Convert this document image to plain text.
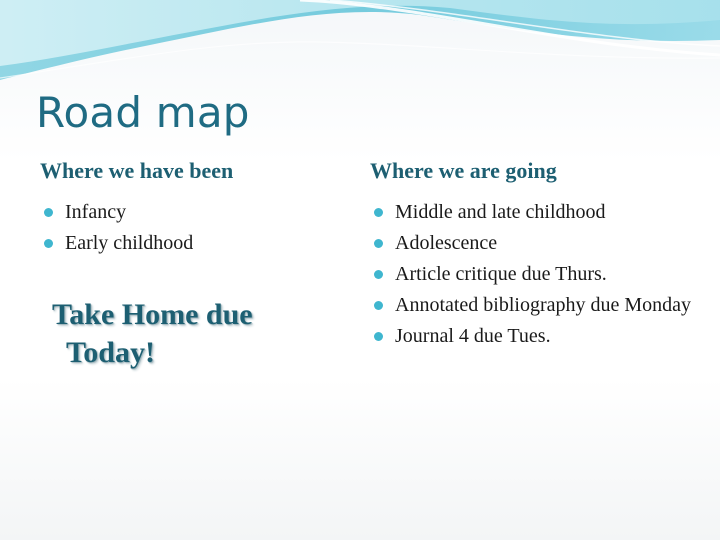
Road map
Where we have been	Where we are going
Infancy
Early childhood
Take Home due
Today!
Middle and late childhood
Adolescence
Article critique due Thurs.
Annotated bibliography due Monday
Journal 4 due Tues.
